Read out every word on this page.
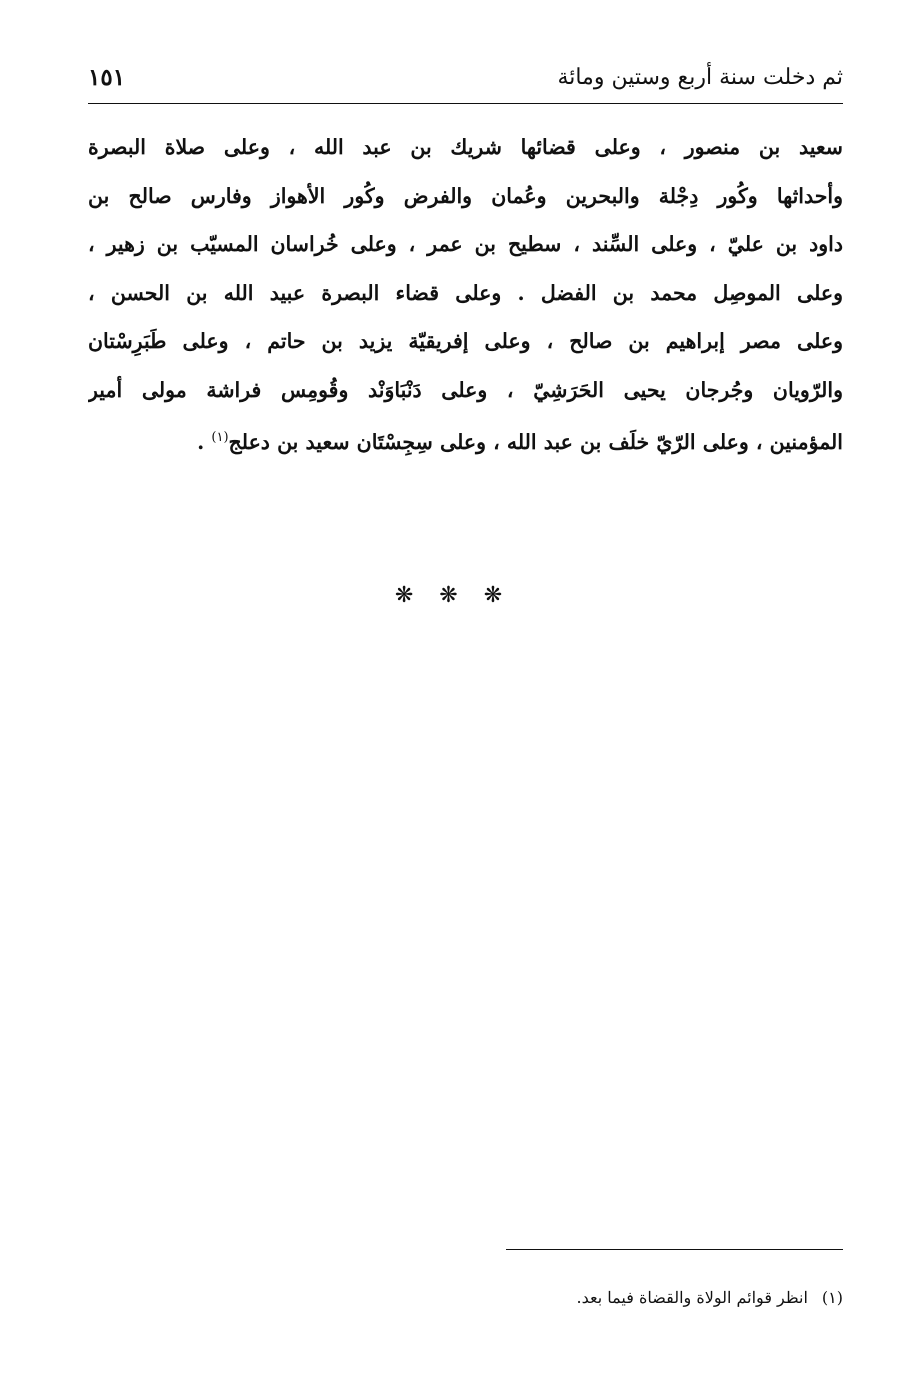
ثم دخلت سنة أربع وستين ومائة
١٥١
سعيد بن منصور ، وعلى قضائها شريك بن عبد الله ، وعلى صلاة البصرة
وأحداثها وكُور دِجْلة والبحرين وعُمان والفرض وكُور الأهواز وفارس صالح بن
داود بن عليّ ، وعلى السِّند ، سطيح بن عمر ، وعلى خُراسان المسيّب بن زهير ،
وعلى الموصِل محمد بن الفضل . وعلى قضاء البصرة عبيد الله بن الحسن ،
وعلى مصر إبراهيم بن صالح ، وعلى إفريقيّة يزيد بن حاتم ، وعلى طَبَرِسْتان
والرّويان وجُرجان يحيى الحَرَشِيّ ، وعلى دَنْبَاوَنْد وقُومِس فراشة مولى أمير
المؤمنين ، وعلى الرّيّ خلَف بن عبد الله ، وعلى سِجِسْتَان سعيد بن دعلج$^{(١)}$ .
❋❋❋
(١)انظر قوائم الولاة والقضاة فيما بعد.
